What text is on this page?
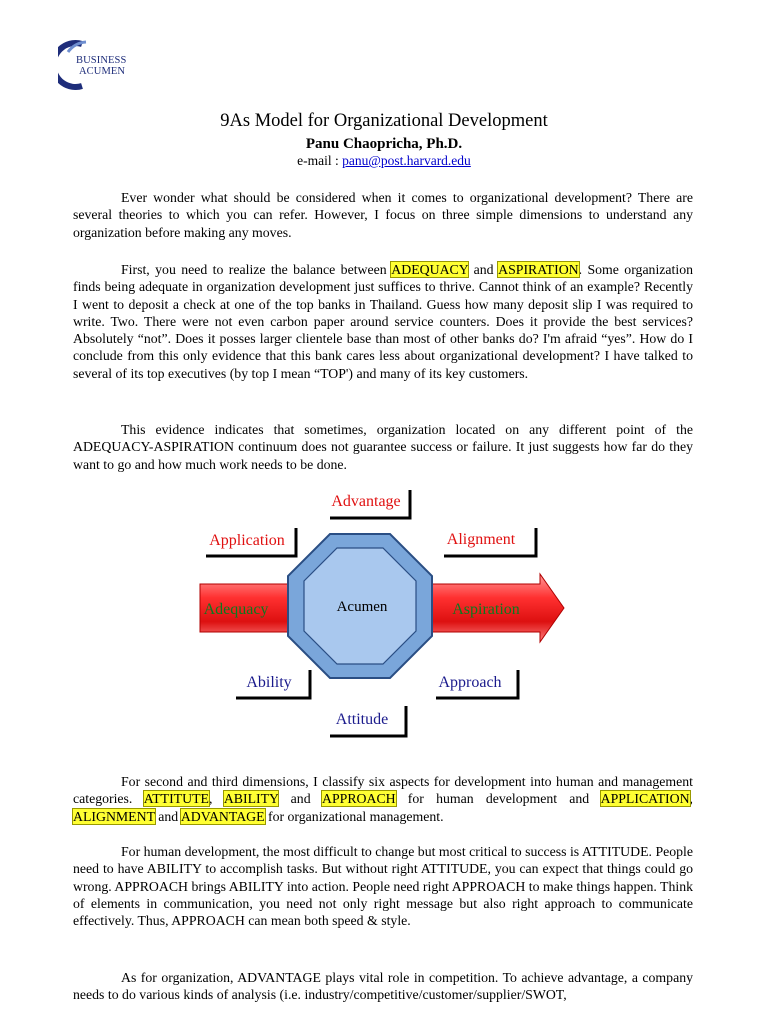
BUSINESS
ACUMEN
9As Model for Organizational Development
Panu Chaopricha, Ph.D.
e-mail : panu@post.harvard.edu

Ever wonder what should be considered when it comes to organizational development? There are several theories to which you can refer. However, I focus on three simple dimensions to understand any organization before making any moves.

First, you need to realize the balance between ADEQUACY and ASPIRATION. Some organization finds being adequate in organization development just suffices to thrive. Cannot think of an example? Recently I went to deposit a check at one of the top banks in Thailand. Guess how many deposit slip I was required to write. Two. There were not even carbon paper around service counters. Does it provide the best services? Absolutely “not”. Does it posses larger clientele base than most of other banks do? I'm afraid “yes”. How do I conclude from this only evidence that this bank cares less about organizational development? I have talked to several of its top executives (by top I mean “TOP') and many of its key customers.

This evidence indicates that sometimes, organization located on any different point of the ADEQUACY-ASPIRATION continuum does not guarantee success or failure. It just suggests how far do they want to go and how much work needs to be done.

Acumen
Advantage
Application	Alignment
Adequacy	Aspiration
Ability	Approach
Attitude

For second and third dimensions, I classify six aspects for development into human and management categories. ATTITUTE, ABILITY and APPROACH for human development and APPLICATION, ALIGNMENT and ADVANTAGE for organizational management.

For human development, the most difficult to change but most critical to success is ATTITUDE. People need to have ABILITY to accomplish tasks. But without right ATTITUDE, you can expect that things could go wrong. APPROACH brings ABILITY into action. People need right APPROACH to make things happen. Think of elements in communication, you need not only right message but also right approach to communicate effectively. Thus, APPROACH can mean both speed & style.

As for organization, ADVANTAGE plays vital role in competition. To achieve advantage, a company needs to do various kinds of analysis (i.e. industry/competitive/customer/supplier/SWOT,
